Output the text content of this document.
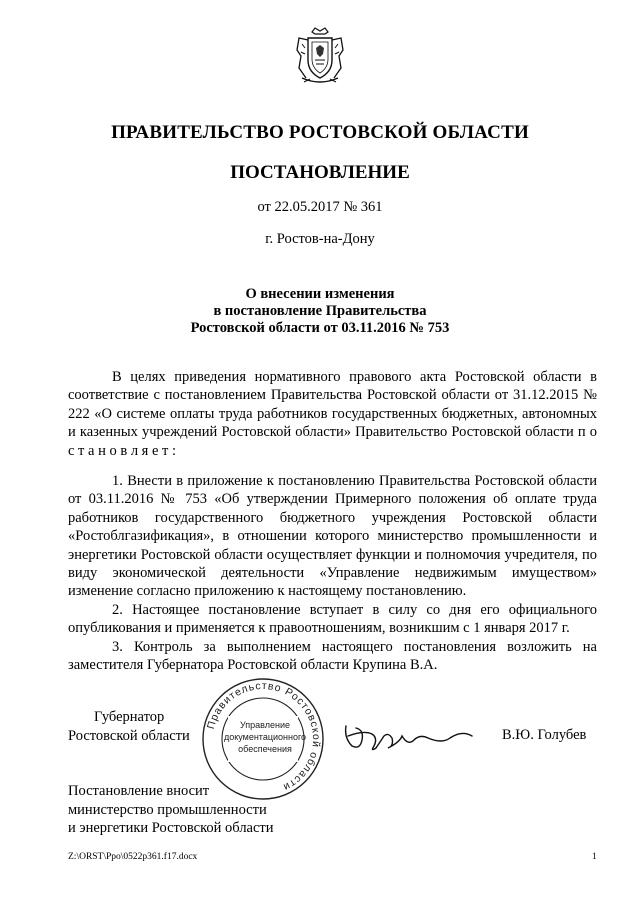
ПРАВИТЕЛЬСТВО РОСТОВСКОЙ ОБЛАСТИ
ПОСТАНОВЛЕНИЕ
от 22.05.2017 № 361
г. Ростов-на-Дону
О внесении изменения
в постановление Правительства
Ростовской области от 03.11.2016 № 753

В целях приведения нормативного правового акта Ростовской области в соответствие с постановлением Правительства Ростовской области от 31.12.2015 № 222 «О системе оплаты труда работников государственных бюджетных, автономных и казенных учреждений Ростовской области» Правительство Ростовской области п о с т а н о в л я е т :

1. Внести в приложение к постановлению Правительства Ростовской области от 03.11.2016 № 753 «Об утверждении Примерного положения об оплате труда работников государственного бюджетного учреждения Ростовской области «Ростоблгазификация», в отношении которого министерство промышленности и энергетики Ростовской области осуществляет функции и полномочия учредителя, по виду экономической деятельности «Управление недвижимым имуществом» изменение согласно приложению к настоящему постановлению.

2. Настоящее постановление вступает в силу со дня его официального опубликования и применяется к правоотношениям, возникшим с 1 января 2017 г.

3. Контроль за выполнением настоящего постановления возложить на заместителя Губернатора Ростовской области Крупина В.А.

Губернатор
Ростовской области
Правительство Ростовской области
Управление
документационного
обеспечения
В.Ю. Голубев
Постановление вносит
министерство промышленности
и энергетики Ростовской области
Z:\ORST\Ppo\0522p361.f17.docx	1
